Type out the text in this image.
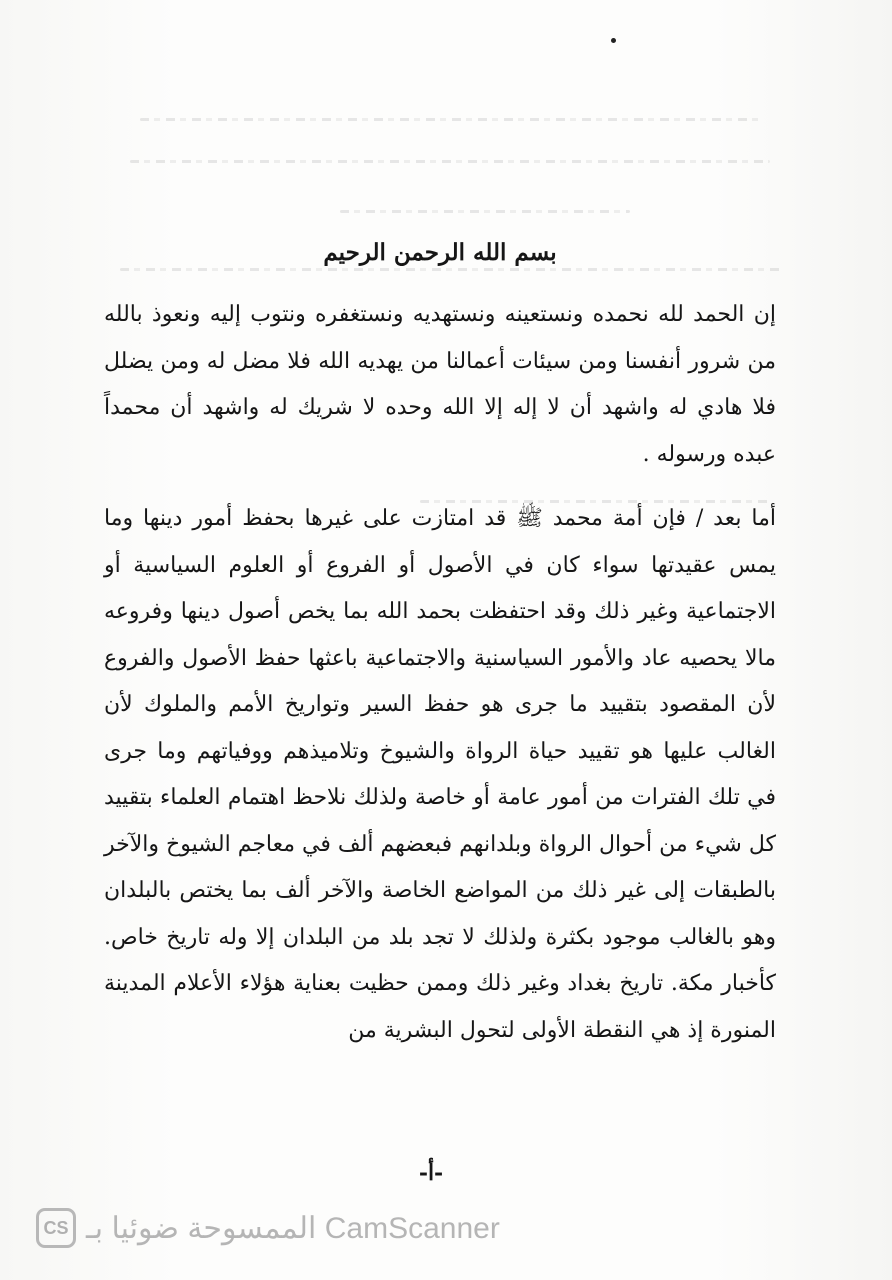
بسم الله الرحمن الرحيم

إن الحمد لله نحمده ونستعينه ونستهديه ونستغفره ونتوب إليه ونعوذ بالله من شرور أنفسنا ومن سيئات أعمالنا من يهديه الله فلا مضل له ومن يضلل فلا هادي له واشهد أن لا إله إلا الله وحده لا شريك له واشهد أن محمداً عبده ورسوله .

أما بعد / فإن أمة محمد ﷺ قد امتازت على غيرها بحفظ أمور دينها وما يمس عقيدتها سواء كان في الأصول أو الفروع أو العلوم السياسية أو الاجتماعية وغير ذلك وقد احتفظت بحمد الله بما يخص أصول دينها وفروعه مالا يحصيه عاد والأمور السياسنية والاجتماعية باعثها حفظ الأصول والفروع لأن المقصود بتقييد ما جرى هو حفظ السير وتواريخ الأمم والملوك لأن الغالب عليها هو تقييد حياة الرواة والشيوخ وتلاميذهم ووفياتهم وما جرى في تلك الفترات من أمور عامة أو خاصة ولذلك نلاحظ اهتمام العلماء بتقييد كل شيء من أحوال الرواة وبلدانهم فبعضهم ألف في معاجم الشيوخ والآخر بالطبقات إلى غير ذلك من المواضع الخاصة والآخر ألف بما يختص بالبلدان وهو بالغالب موجود بكثرة ولذلك لا تجد بلد من البلدان إلا وله تاريخ خاص. كأخبار مكة. تاريخ بغداد وغير ذلك وممن حظيت بعناية هؤلاء الأعلام المدينة المنورة إذ هي النقطة الأولى لتحول البشرية من

-أ-
CS الممسوحة ضوئيا بـ CamScanner
